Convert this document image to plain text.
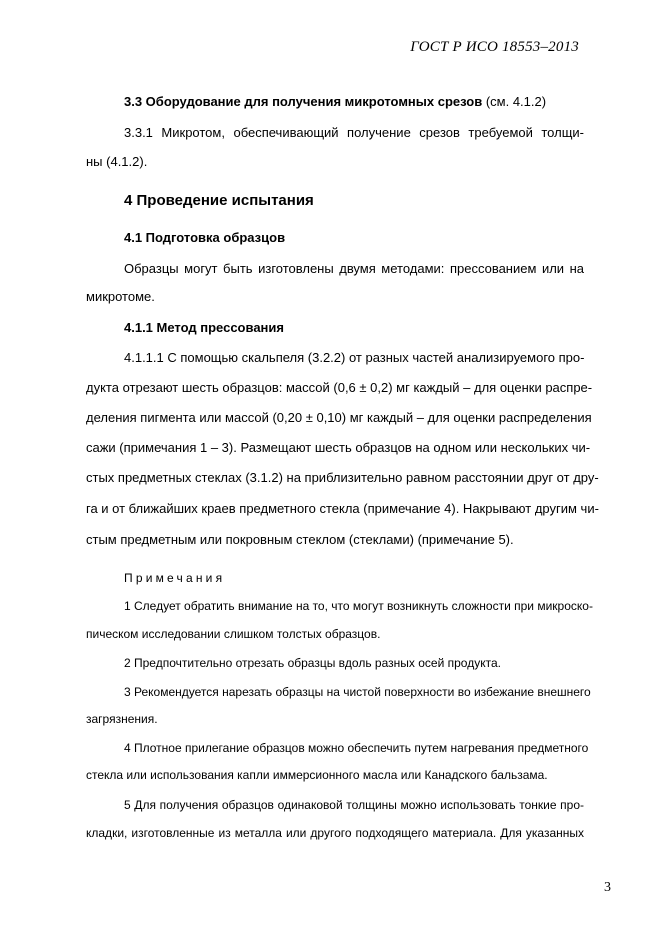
ГОСТ Р ИСО 18553–2013
3.3 Оборудование для получения микротомных срезов (см. 4.1.2)
3.3.1 Микротом, обеспечивающий получение срезов требуемой толщи-
ны (4.1.2).
4 Проведение испытания
4.1 Подготовка образцов
Образцы могут быть изготовлены двумя методами: прессованием или на
микротоме.
4.1.1 Метод прессования
4.1.1.1 С помощью скальпеля (3.2.2) от разных частей анализируемого про-
дукта отрезают шесть образцов: массой (0,6 ± 0,2) мг каждый – для оценки распре-
деления пигмента или массой (0,20 ± 0,10) мг каждый – для оценки распределения
сажи (примечания 1 – 3). Размещают шесть образцов на одном или нескольких чи-
стых предметных стеклах (3.1.2) на приблизительно равном расстоянии друг от дру-
га и от ближайших краев предметного стекла (примечание 4). Накрывают другим чи-
стым предметным или покровным стеклом (стеклами) (примечание 5).
Примечания
1 Следует обратить внимание на то, что могут возникнуть сложности при микроско-
пическом исследовании слишком толстых образцов.
2 Предпочтительно отрезать образцы вдоль разных осей продукта.
3 Рекомендуется нарезать образцы на чистой поверхности во избежание внешнего
загрязнения.
4 Плотное прилегание образцов можно обеспечить путем нагревания предметного
стекла или использования капли иммерсионного масла или Канадского бальзама.
5 Для получения образцов одинаковой толщины можно использовать тонкие про-
кладки, изготовленные из металла или другого подходящего материала. Для указанных
3
